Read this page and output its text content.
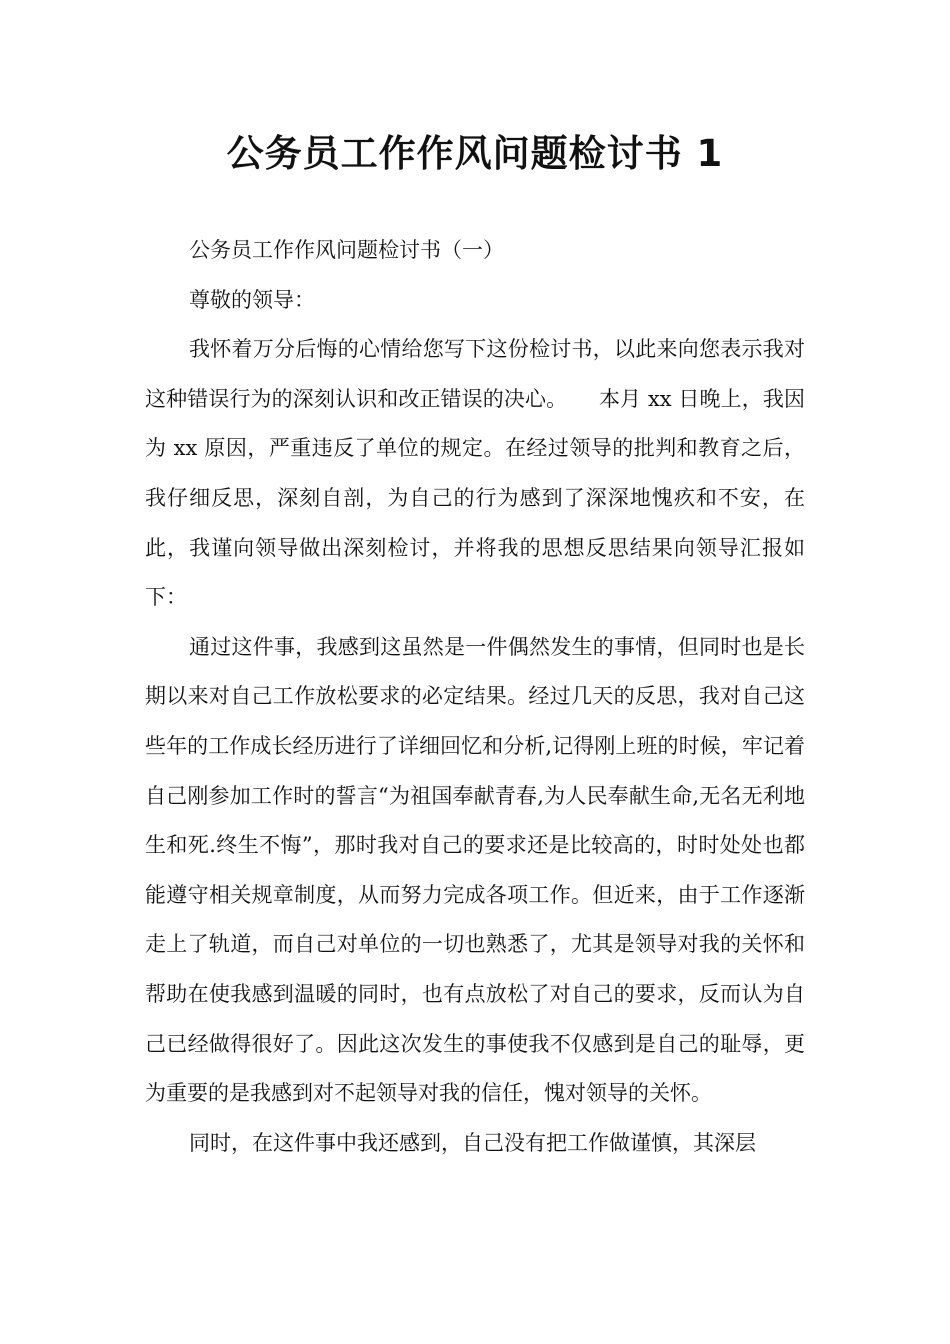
公务员工作作风问题检讨书 1

公务员工作作风问题检讨书（一）

尊敬的领导：

我怀着万分后悔的心情给您写下这份检讨书，以此来向您表示我对这种错误行为的深刻认识和改正错误的决心。　　本月 xx 日晚上，我因为 xx 原因，严重违反了单位的规定。在经过领导的批判和教育之后，我仔细反思，深刻自剖，为自己的行为感到了深深地愧疚和不安，在此，我谨向领导做出深刻检讨，并将我的思想反思结果向领导汇报如下：

通过这件事，我感到这虽然是一件偶然发生的事情，但同时也是长期以来对自己工作放松要求的必定结果。经过几天的反思，我对自己这些年的工作成长经历进行了详细回忆和分析,记得刚上班的时候，牢记着自己刚参加工作时的誓言“为祖国奉献青春,为人民奉献生命,无名无利地生和死.终生不悔”，那时我对自己的要求还是比较高的，时时处处也都能遵守相关规章制度，从而努力完成各项工作。但近来，由于工作逐渐走上了轨道，而自己对单位的一切也熟悉了，尤其是领导对我的关怀和帮助在使我感到温暖的同时，也有点放松了对自己的要求，反而认为自己已经做得很好了。因此这次发生的事使我不仅感到是自己的耻辱，更为重要的是我感到对不起领导对我的信任，愧对领导的关怀。

同时，在这件事中我还感到，自己没有把工作做谨慎，其深层
